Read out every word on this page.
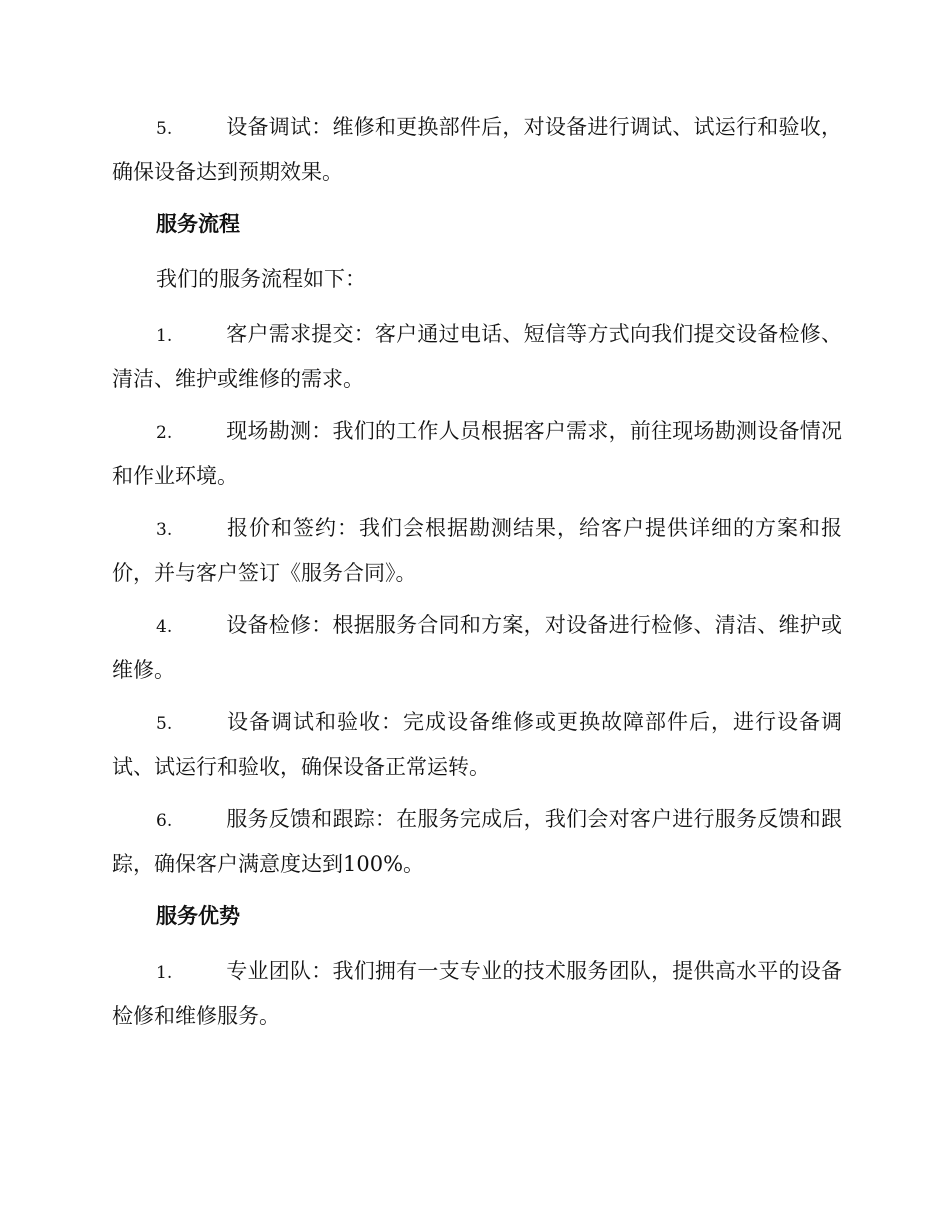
5.	设备调试：维修和更换部件后，对设备进行调试、试运行和验收，确保设备达到预期效果。
服务流程
我们的服务流程如下：
1.	客户需求提交：客户通过电话、短信等方式向我们提交设备检修、清洁、维护或维修的需求。
2.	现场勘测：我们的工作人员根据客户需求，前往现场勘测设备情况和作业环境。
3.	报价和签约：我们会根据勘测结果，给客户提供详细的方案和报价，并与客户签订《服务合同》。
4.	设备检修：根据服务合同和方案，对设备进行检修、清洁、维护或维修。
5.	设备调试和验收：完成设备维修或更换故障部件后，进行设备调试、试运行和验收，确保设备正常运转。
6.	服务反馈和跟踪：在服务完成后，我们会对客户进行服务反馈和跟踪，确保客户满意度达到100%。
服务优势
1.	专业团队：我们拥有一支专业的技术服务团队，提供高水平的设备检修和维修服务。
